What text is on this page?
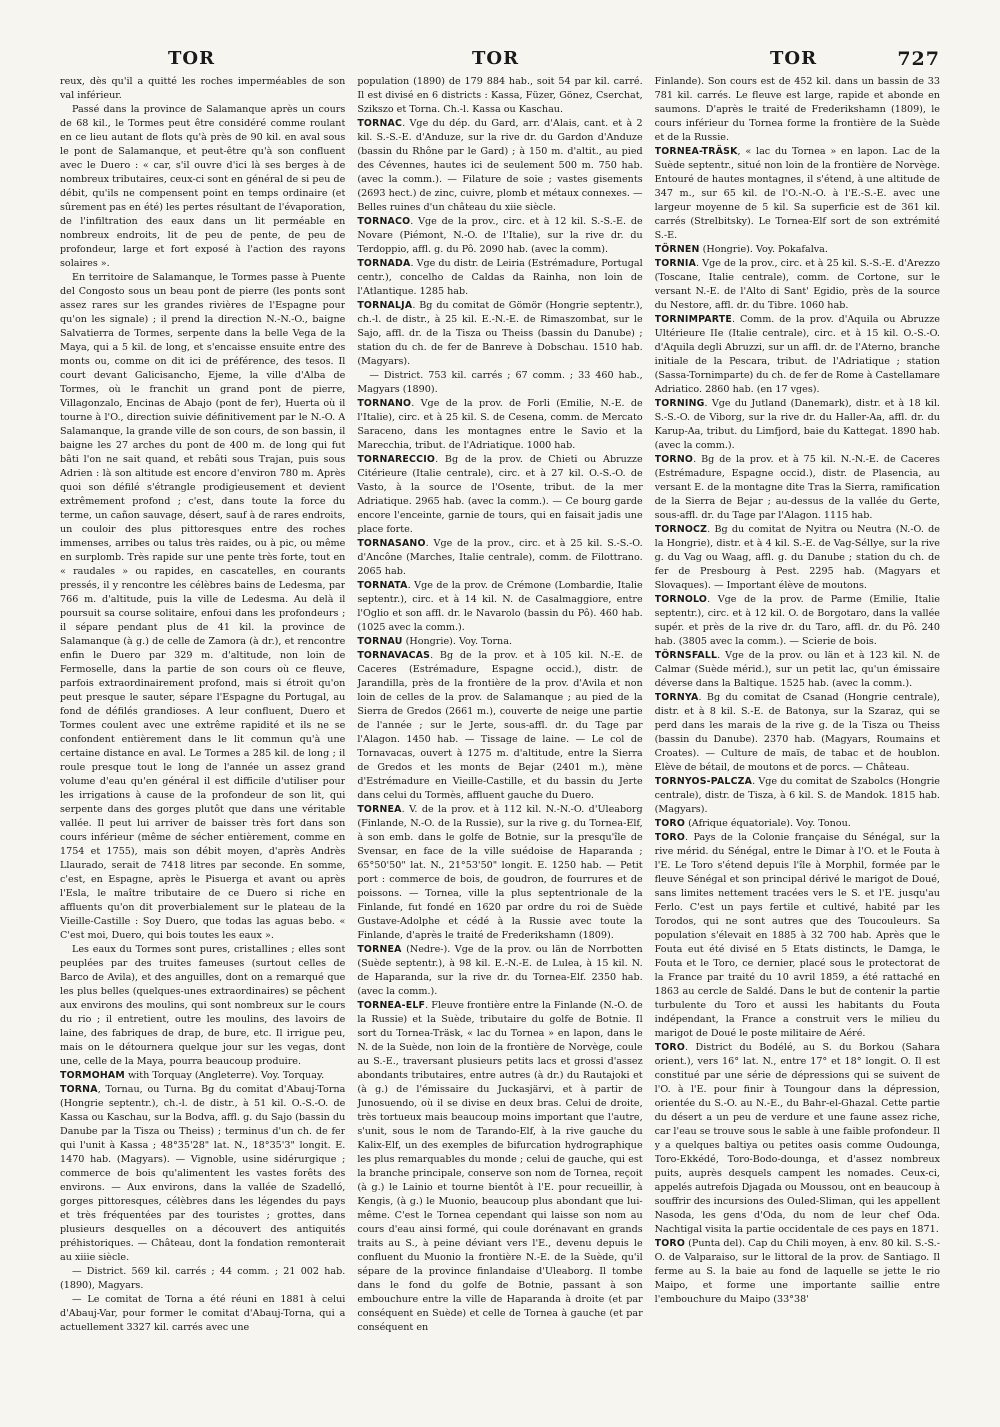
TOR	TOR	TOR	727

reux, dès qu'il a quitté les roches imperméables de son val inférieur.

Passé dans la province de Salamanque après un cours de 68 kil., le Tormes peut être considéré comme roulant en ce lieu autant de flots qu'à près de 90 kil. en aval sous le pont de Salamanque, et peut-être qu'à son confluent avec le Duero : « car, s'il ouvre d'ici là ses berges à de nombreux tributaires, ceux-ci sont en général de si peu de débit, qu'ils ne compensent point en temps ordinaire (et sûrement pas en été) les pertes résultant de l'évaporation, de l'infiltration des eaux dans un lit perméable en nombreux endroits, lit de peu de pente, de peu de profondeur, large et fort exposé à l'action des rayons solaires ».

En territoire de Salamanque, le Tormes passe à Puente del Congosto sous un beau pont de pierre (les ponts sont assez rares sur les grandes rivières de l'Espagne pour qu'on les signale) ; il prend la direction N.-N.-O., baigne Salvatierra de Tormes, serpente dans la belle Vega de la Maya, qui a 5 kil. de long, et s'encaisse ensuite entre des monts ou, comme on dit ici de préférence, des tesos. Il court devant Galicisancho, Ejeme, la ville d'Alba de Tormes, où le franchit un grand pont de pierre, Villagonzalo, Encinas de Abajo (pont de fer), Huerta où il tourne à l'O., direction suivie définitivement par le N.-O. A Salamanque, la grande ville de son cours, de son bassin, il baigne les 27 arches du pont de 400 m. de long qui fut bâti l'on ne sait quand, et rebâti sous Trajan, puis sous Adrien : là son altitude est encore d'environ 780 m. Après quoi son défilé s'étrangle prodigieusement et devient extrêmement profond ; c'est, dans toute la force du terme, un cañon sauvage, désert, sauf à de rares endroits, un couloir des plus pittoresques entre des roches immenses, arribes ou talus très raides, ou à pic, ou même en surplomb. Très rapide sur une pente très forte, tout en « raudales » ou rapides, en cascatelles, en courants pressés, il y rencontre les célèbres bains de Ledesma, par 766 m. d'altitude, puis la ville de Ledesma. Au delà il poursuit sa course solitaire, enfoui dans les profondeurs ; il sépare pendant plus de 41 kil. la province de Salamanque (à g.) de celle de Zamora (à dr.), et rencontre enfin le Duero par 329 m. d'altitude, non loin de Fermoselle, dans la partie de son cours où ce fleuve, parfois extraordinairement profond, mais si étroit qu'on peut presque le sauter, sépare l'Espagne du Portugal, au fond de défilés grandioses. A leur confluent, Duero et Tormes coulent avec une extrême rapidité et ils ne se confondent entièrement dans le lit commun qu'à une certaine distance en aval. Le Tormes a 285 kil. de long ; il roule presque tout le long de l'année un assez grand volume d'eau qu'en général il est difficile d'utiliser pour les irrigations à cause de la profondeur de son lit, qui serpente dans des gorges plutôt que dans une véritable vallée. Il peut lui arriver de baisser très fort dans son cours inférieur (même de sécher entièrement, comme en 1754 et 1755), mais son débit moyen, d'après Andrès Llaurado, serait de 7418 litres par seconde. En somme, c'est, en Espagne, après le Pisuerga et avant ou après l'Esla, le maître tributaire de ce Duero si riche en affluents qu'on dit proverbialement sur le plateau de la Vieille-Castille : Soy Duero, que todas las aguas bebo. « C'est moi, Duero, qui bois toutes les eaux ».

Les eaux du Tormes sont pures, cristallines ; elles sont peuplées par des truites fameuses (surtout celles de Barco de Avila), et des anguilles, dont on a remarqué que les plus belles (quelques-unes extraordinaires) se pêchent aux environs des moulins, qui sont nombreux sur le cours du rio ; il entretient, outre les moulins, des lavoirs de laine, des fabriques de drap, de bure, etc. Il irrigue peu, mais on le détournera quelque jour sur les vegas, dont une, celle de la Maya, pourra beaucoup produire.

TORMOHAM with Torquay (Angleterre). Voy. Torquay.

TORNA, Tornau, ou Turna. Bg du comitat d'Abauj-Torna (Hongrie septentr.), ch.-l. de distr., à 51 kil. O.-S.-O. de Kassa ou Kaschau, sur la Bodva, affl. g. du Sajo (bassin du Danube par la Tisza ou Theiss) ; terminus d'un ch. de fer qui l'unit à Kassa ; 48°35'28" lat. N., 18°35'3" longit. E. 1470 hab. (Magyars). — Vignoble, usine sidérurgique ; commerce de bois qu'alimentent les vastes forêts des environs. — Aux environs, dans la vallée de Szadelló, gorges pittoresques, célèbres dans les légendes du pays et très fréquentées par des touristes ; grottes, dans plusieurs desquelles on a découvert des antiquités préhistoriques. — Château, dont la fondation remonterait au xiiie siècle.

— District. 569 kil. carrés ; 44 comm. ; 21 002 hab. (1890), Magyars.

— Le comitat de Torna a été réuni en 1881 à celui d'Abauj-Var, pour former le comitat d'Abauj-Torna, qui a actuellement 3327 kil. carrés avec une

population (1890) de 179 884 hab., soit 54 par kil. carré. Il est divisé en 6 districts : Kassa, Füzer, Gönez, Cserchat, Szikszo et Torna. Ch.-l. Kassa ou Kaschau.

TORNAC. Vge du dép. du Gard, arr. d'Alais, cant. et à 2 kil. S.-S.-E. d'Anduze, sur la rive dr. du Gardon d'Anduze (bassin du Rhône par le Gard) ; à 150 m. d'altit., au pied des Cévennes, hautes ici de seulement 500 m. 750 hab. (avec la comm.). — Filature de soie ; vastes gisements (2693 hect.) de zinc, cuivre, plomb et métaux connexes. — Belles ruines d'un château du xiie siècle.

TORNACO. Vge de la prov., circ. et à 12 kil. S.-S.-E. de Novare (Piémont, N.-O. de l'Italie), sur la rive dr. du Terdoppio, affl. g. du Pô. 2090 hab. (avec la comm).

TORNADA. Vge du distr. de Leiria (Estrémadure, Portugal centr.), concelho de Caldas da Rainha, non loin de l'Atlantique. 1285 hab.

TORNALJA. Bg du comitat de Gömör (Hongrie septentr.), ch.-l. de distr., à 25 kil. E.-N.-E. de Rimaszombat, sur le Sajo, affl. dr. de la Tisza ou Theiss (bassin du Danube) ; station du ch. de fer de Banreve à Dobschau. 1510 hab. (Magyars).

— District. 753 kil. carrés ; 67 comm. ; 33 460 hab., Magyars (1890).

TORNANO. Vge de la prov. de Forli (Emilie, N.-E. de l'Italie), circ. et à 25 kil. S. de Cesena, comm. de Mercato Saraceno, dans les montagnes entre le Savio et la Marecchia, tribut. de l'Adriatique. 1000 hab.

TORNARECCIO. Bg de la prov. de Chieti ou Abruzze Citérieure (Italie centrale), circ. et à 27 kil. O.-S.-O. de Vasto, à la source de l'Osente, tribut. de la mer Adriatique. 2965 hab. (avec la comm.). — Ce bourg garde encore l'enceinte, garnie de tours, qui en faisait jadis une place forte.

TORNASANO. Vge de la prov., circ. et à 25 kil. S.-S.-O. d'Ancône (Marches, Italie centrale), comm. de Filottrano. 2065 hab.

TORNATA. Vge de la prov. de Crémone (Lombardie, Italie septentr.), circ. et à 14 kil. N. de Casalmaggiore, entre l'Oglio et son affl. dr. le Navarolo (bassin du Pô). 460 hab. (1025 avec la comm.).

TORNAU (Hongrie). Voy. Torna.

TORNAVACAS. Bg de la prov. et à 105 kil. N.-E. de Caceres (Estrémadure, Espagne occid.), distr. de Jarandilla, près de la frontière de la prov. d'Avila et non loin de celles de la prov. de Salamanque ; au pied de la Sierra de Gredos (2661 m.), couverte de neige une partie de l'année ; sur le Jerte, sous-affl. dr. du Tage par l'Alagon. 1450 hab. — Tissage de laine. — Le col de Tornavacas, ouvert à 1275 m. d'altitude, entre la Sierra de Gredos et les monts de Bejar (2401 m.), mène d'Estrémadure en Vieille-Castille, et du bassin du Jerte dans celui du Tormès, affluent gauche du Duero.

TORNEA. V. de la prov. et à 112 kil. N.-N.-O. d'Uleaborg (Finlande, N.-O. de la Russie), sur la rive g. du Tornea-Elf, à son emb. dans le golfe de Botnie, sur la presqu'île de Svensar, en face de la ville suédoise de Haparanda ; 65°50'50" lat. N., 21°53'50" longit. E. 1250 hab. — Petit port : commerce de bois, de goudron, de fourrures et de poissons. — Tornea, ville la plus septentrionale de la Finlande, fut fondé en 1620 par ordre du roi de Suède Gustave-Adolphe et cédé à la Russie avec toute la Finlande, d'après le traité de Frederikshamn (1809).

TORNEA (Nedre-). Vge de la prov. ou län de Norrbotten (Suède septentr.), à 98 kil. E.-N.-E. de Lulea, à 15 kil. N. de Haparanda, sur la rive dr. du Tornea-Elf. 2350 hab. (avec la comm.).

TORNEA-ELF. Fleuve frontière entre la Finlande (N.-O. de la Russie) et la Suède, tributaire du golfe de Botnie. Il sort du Tornea-Träsk, « lac du Tornea » en lapon, dans le N. de la Suède, non loin de la frontière de Norvège, coule au S.-E., traversant plusieurs petits lacs et grossi d'assez abondants tributaires, entre autres (à dr.) du Rautajoki et (à g.) de l'émissaire du Juckasjärvi, et à partir de Junosuendo, où il se divise en deux bras. Celui de droite, très tortueux mais beaucoup moins important que l'autre, s'unit, sous le nom de Tarando-Elf, à la rive gauche du Kalix-Elf, un des exemples de bifurcation hydrographique les plus remarquables du monde ; celui de gauche, qui est la branche principale, conserve son nom de Tornea, reçoit (à g.) le Lainio et tourne bientôt à l'E. pour recueillir, à Kengis, (à g.) le Muonio, beaucoup plus abondant que lui-même. C'est le Tornea cependant qui laisse son nom au cours d'eau ainsi formé, qui coule dorénavant en grands traits au S., à peine déviant vers l'E., devenu depuis le confluent du Muonio la frontière N.-E. de la Suède, qu'il sépare de la province finlandaise d'Uleaborg. Il tombe dans le fond du golfe de Botnie, passant à son embouchure entre la ville de Haparanda à droite (et par conséquent en Suède) et celle de Tornea à gauche (et par conséquent en

Finlande). Son cours est de 452 kil. dans un bassin de 33 781 kil. carrés. Le fleuve est large, rapide et abonde en saumons. D'après le traité de Frederikshamn (1809), le cours inférieur du Tornea forme la frontière de la Suède et de la Russie.

TORNEA-TRÄSK, « lac du Tornea » en lapon. Lac de la Suède septentr., situé non loin de la frontière de Norvège. Entouré de hautes montagnes, il s'étend, à une altitude de 347 m., sur 65 kil. de l'O.-N.-O. à l'E.-S.-E. avec une largeur moyenne de 5 kil. Sa superficie est de 361 kil. carrés (Strelbitsky). Le Tornea-Elf sort de son extrémité S.-E.

TÖRNEN (Hongrie). Voy. Pokafalva.

TORNIA. Vge de la prov., circ. et à 25 kil. S.-S.-E. d'Arezzo (Toscane, Italie centrale), comm. de Cortone, sur le versant N.-E. de l'Alto di Sant' Egidio, près de la source du Nestore, affl. dr. du Tibre. 1060 hab.

TORNIMPARTE. Comm. de la prov. d'Aquila ou Abruzze Ultérieure IIe (Italie centrale), circ. et à 15 kil. O.-S.-O. d'Aquila degli Abruzzi, sur un affl. dr. de l'Aterno, branche initiale de la Pescara, tribut. de l'Adriatique ; station (Sassa-Tornimparte) du ch. de fer de Rome à Castellamare Adriatico. 2860 hab. (en 17 vges).

TORNING. Vge du Jutland (Danemark), distr. et à 18 kil. S.-S.-O. de Viborg, sur la rive dr. du Haller-Aa, affl. dr. du Karup-Aa, tribut. du Limfjord, baie du Kattegat. 1890 hab. (avec la comm.).

TORNO. Bg de la prov. et à 75 kil. N.-N.-E. de Caceres (Estrémadure, Espagne occid.), distr. de Plasencia, au versant E. de la montagne dite Tras la Sierra, ramification de la Sierra de Bejar ; au-dessus de la vallée du Gerte, sous-affl. dr. du Tage par l'Alagon. 1115 hab.

TORNOCZ. Bg du comitat de Nyitra ou Neutra (N.-O. de la Hongrie), distr. et à 4 kil. S.-E. de Vag-Séllye, sur la rive g. du Vag ou Waag, affl. g. du Danube ; station du ch. de fer de Presbourg à Pest. 2295 hab. (Magyars et Slovaques). — Important élève de moutons.

TORNOLO. Vge de la prov. de Parme (Emilie, Italie septentr.), circ. et à 12 kil. O. de Borgotaro, dans la vallée supér. et près de la rive dr. du Taro, affl. dr. du Pô. 240 hab. (3805 avec la comm.). — Scierie de bois.

TÖRNSFALL. Vge de la prov. ou län et à 123 kil. N. de Calmar (Suède mérid.), sur un petit lac, qu'un émissaire déverse dans la Baltique. 1525 hab. (avec la comm.).

TORNYA. Bg du comitat de Csanad (Hongrie centrale), distr. et à 8 kil. S.-E. de Batonya, sur la Szaraz, qui se perd dans les marais de la rive g. de la Tisza ou Theiss (bassin du Danube). 2370 hab. (Magyars, Roumains et Croates). — Culture de maïs, de tabac et de houblon. Elève de bétail, de moutons et de porcs. — Château.

TORNYOS-PALCZA. Vge du comitat de Szabolcs (Hongrie centrale), distr. de Tisza, à 6 kil. S. de Mandok. 1815 hab. (Magyars).

TORO (Afrique équatoriale). Voy. Tonou.

TORO. Pays de la Colonie française du Sénégal, sur la rive mérid. du Sénégal, entre le Dimar à l'O. et le Fouta à l'E. Le Toro s'étend depuis l'île à Morphil, formée par le fleuve Sénégal et son principal dérivé le marigot de Doué, sans limites nettement tracées vers le S. et l'E. jusqu'au Ferlo. C'est un pays fertile et cultivé, habité par les Torodos, qui ne sont autres que des Toucouleurs. Sa population s'élevait en 1885 à 32 700 hab. Après que le Fouta eut été divisé en 5 Etats distincts, le Damga, le Fouta et le Toro, ce dernier, placé sous le protectorat de la France par traité du 10 avril 1859, a été rattaché en 1863 au cercle de Saldé. Dans le but de contenir la partie turbulente du Toro et aussi les habitants du Fouta indépendant, la France a construit vers le milieu du marigot de Doué le poste militaire de Aéré.

TORO. District du Bodélé, au S. du Borkou (Sahara orient.), vers 16° lat. N., entre 17° et 18° longit. O. Il est constitué par une série de dépressions qui se suivent de l'O. à l'E. pour finir à Toungour dans la dépression, orientée du S.-O. au N.-E., du Bahr-el-Ghazal. Cette partie du désert a un peu de verdure et une faune assez riche, car l'eau se trouve sous le sable à une faible profondeur. Il y a quelques baltiya ou petites oasis comme Oudounga, Toro-Ekkédé, Toro-Bodo-dounga, et d'assez nombreux puits, auprès desquels campent les nomades. Ceux-ci, appelés autrefois Djagada ou Moussou, ont en beaucoup à souffrir des incursions des Ouled-Sliman, qui les appellent Nasoda, les gens d'Oda, du nom de leur chef Oda. Nachtigal visita la partie occidentale de ces pays en 1871.

TORO (Punta del). Cap du Chili moyen, à env. 80 kil. S.-S.-O. de Valparaiso, sur le littoral de la prov. de Santiago. Il ferme au S. la baie au fond de laquelle se jette le rio Maipo, et forme une importante saillie entre l'embouchure du Maipo (33°38'
